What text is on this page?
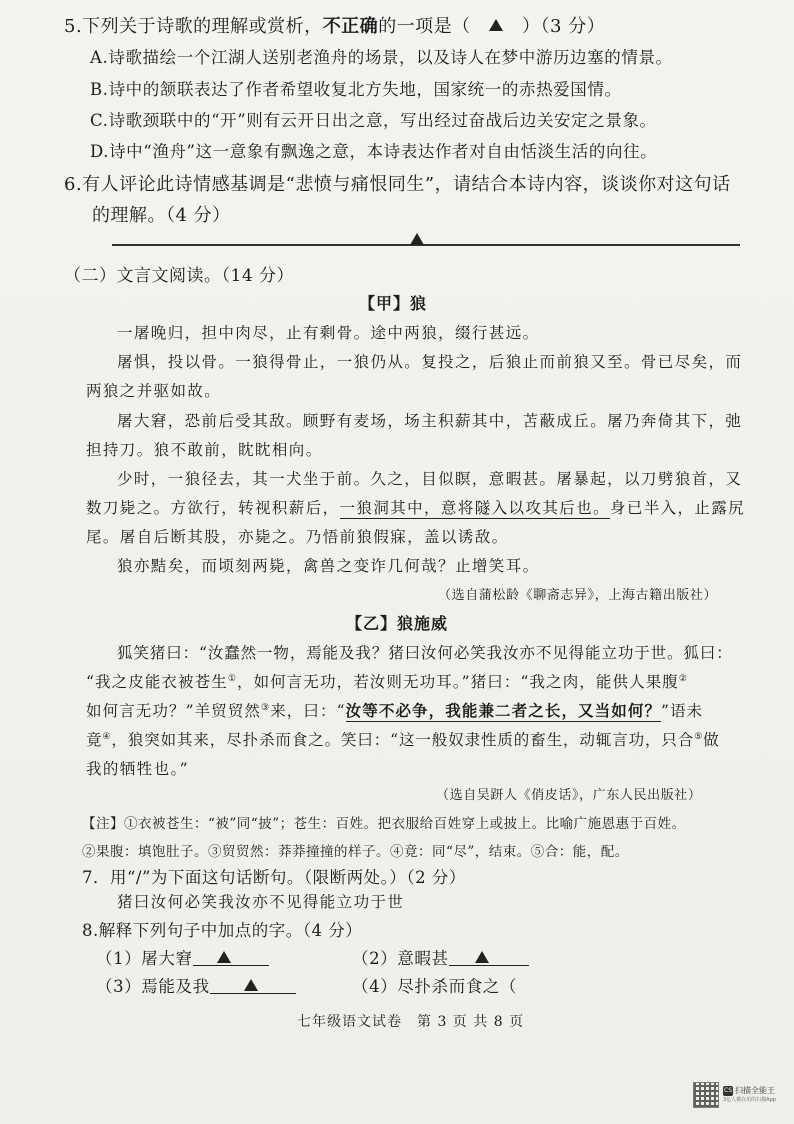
5.下列关于诗歌的理解或赏析，不正确的一项是（	）（3 分）
A.诗歌描绘一个江湖人送别老渔舟的场景，以及诗人在梦中游历边塞的情景。
B.诗中的颔联表达了作者希望收复北方失地，国家统一的赤热爱国情。
C.诗歌颈联中的“开”则有云开日出之意，写出经过奋战后边关安定之景象。
D.诗中“渔舟”这一意象有飘逸之意，本诗表达作者对自由恬淡生活的向往。
6.有人评论此诗情感基调是“悲愤与痛恨同生”，请结合本诗内容，谈谈你对这句话
的理解。（4 分）
（二）文言文阅读。（14 分）
【甲】狼
一屠晚归，担中肉尽，止有剩骨。途中两狼，缀行甚远。
屠惧，投以骨。一狼得骨止，一狼仍从。复投之，后狼止而前狼又至。骨已尽矣，而
两狼之并驱如故。
屠大窘，恐前后受其敌。顾野有麦场，场主积薪其中，苫蔽成丘。屠乃奔倚其下，弛
担持刀。狼不敢前，眈眈相向。
少时，一狼径去，其一犬坐于前。久之，目似瞑，意暇甚。屠暴起，以刀劈狼首，又
数刀毙之。方欲行，转视积薪后，一狼洞其中，意将隧入以攻其后也。身已半入，止露尻
尾。屠自后断其股，亦毙之。乃悟前狼假寐，盖以诱敌。
狼亦黠矣，而顷刻两毙，禽兽之变诈几何哉？止增笑耳。
（选自蒲松龄《聊斋志异》，上海古籍出版社）
【乙】狼施威
狐笑猪曰：“汝蠢然一物，焉能及我？猪曰汝何必笑我汝亦不见得能立功于世。狐曰：
“我之皮能衣被苍生①，如何言无功，若汝则无功耳。”猪曰：“我之肉，能供人果腹②
如何言无功？”羊贸贸然③来，曰：“汝等不必争，我能兼二者之长，又当如何？”语未
竟④，狼突如其来，尽扑杀而食之。笑曰：“这一般奴隶性质的畜生，动辄言功，只合⑤做
我的牺牲也。”
（选自吴趼人《俏皮话》，广东人民出版社）
【注】①衣被苍生：“被”同“披”；苍生：百姓。把衣服给百姓穿上或披上。比喻广施恩惠于百姓。
②果腹：填饱肚子。③贸贸然：莽莽撞撞的样子。④竟：同“尽”，结束。⑤合：能，配。
7．用“/”为下面这句话断句。（限断两处。）（2 分）
猪曰汝何必笑我汝亦不见得能立功于世
8.解释下列句子中加点的字。（4 分）
（1）屠大窘	（2）意暇甚
（3）焉能及我	（4）尽扑杀而食之（
七年级语文试卷　第 3 页 共 8 页
CS 扫描全能王
3亿人都在用的扫描App
